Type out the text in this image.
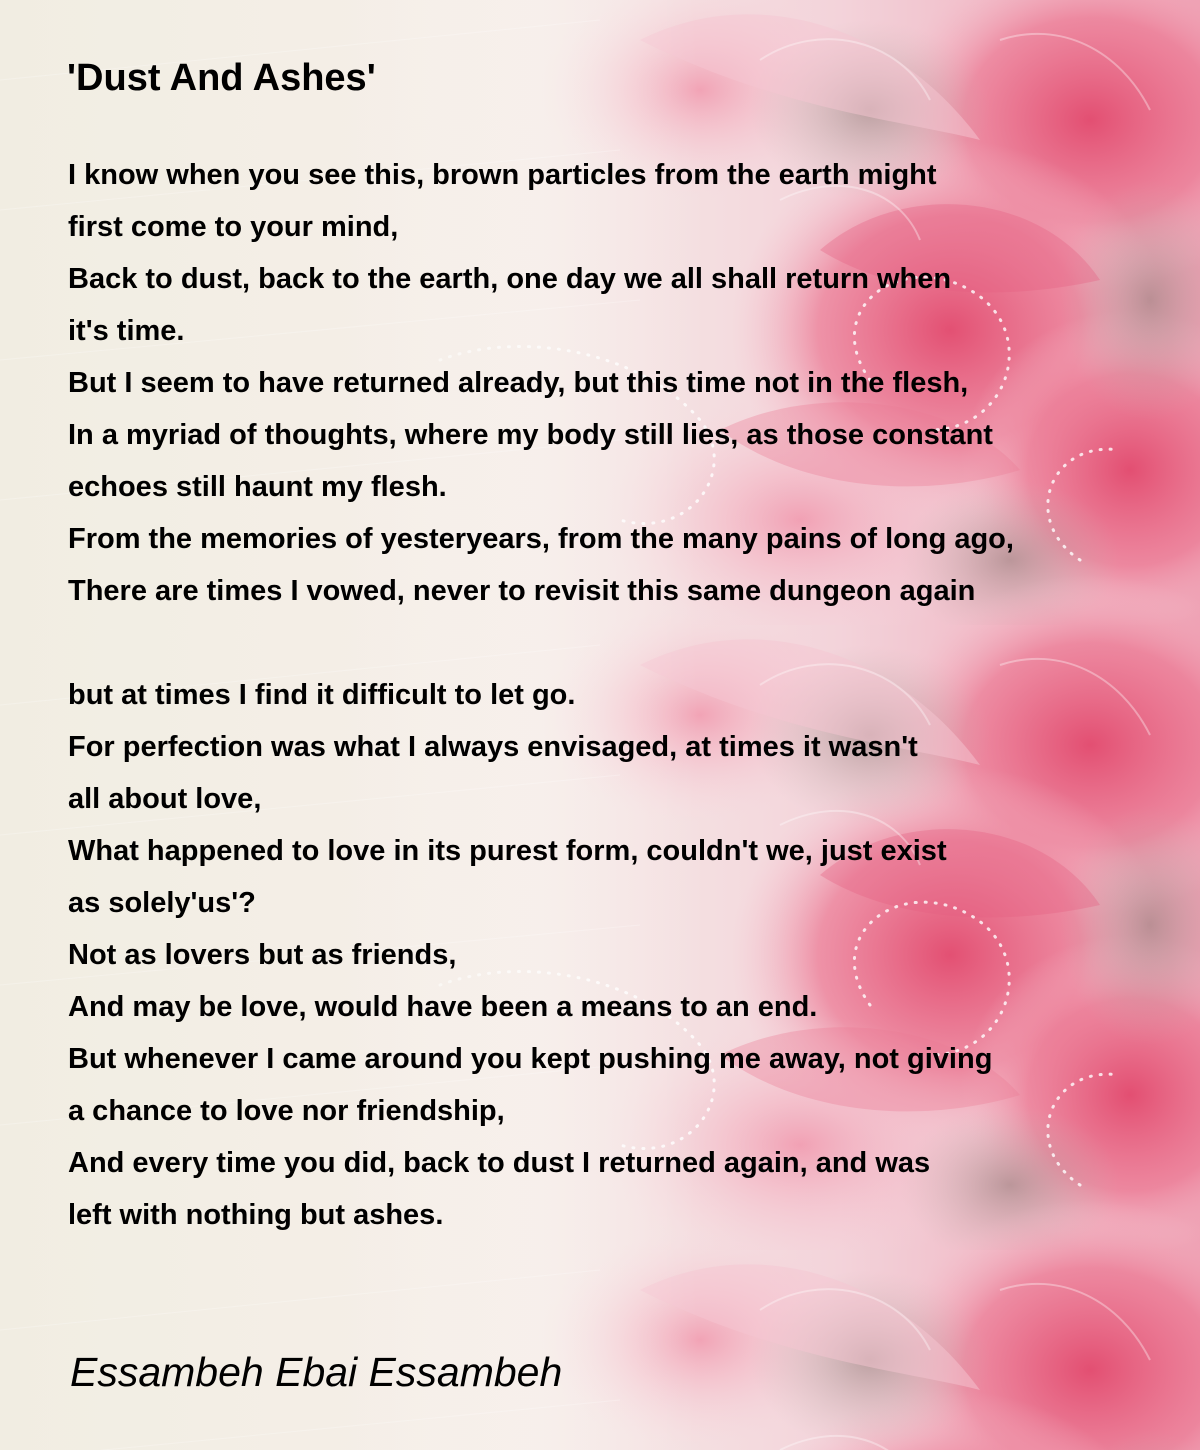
'Dust And Ashes'
I know when you see this, brown particles from the earth might
first come to your mind,
Back to dust, back to the earth, one day we all shall return when
it's time.
But I seem to have returned already, but this time not in the flesh,
In a myriad of thoughts, where my body still lies, as those constant
echoes still haunt my flesh.
From the memories of yesteryears, from the many pains of long ago,
There are times I vowed, never to revisit this same dungeon again
but at times I find it difficult to let go.
For perfection was what I always envisaged, at times it wasn't
all about love,
What happened to love in its purest form, couldn't we, just exist
as solely'us'?
Not as lovers but as friends,
And may be love, would have been a means to an end.
But whenever I came around you kept pushing me away, not giving
a chance to love nor friendship,
And every time you did, back to dust I returned again, and was
left with nothing but ashes.

Essambeh Ebai Essambeh
